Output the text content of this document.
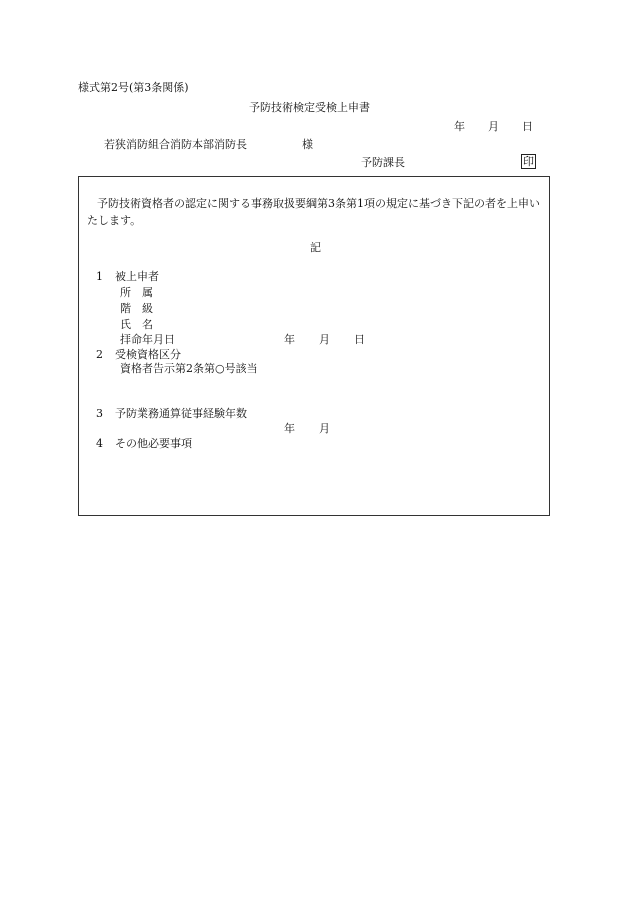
様式第2号(第3条関係)
予防技術検定受検上申書
年 月 日
若狭消防組合消防本部消防長	様
予防課長	印
予防技術資格者の認定に関する事務取扱要綱第3条第1項の規定に基づき下記の者を上申いたします。
記
1 被上申者
所　属
階　級
氏　名
拝命年月日	年 月 日
2 受検資格区分
資格者告示第2条第○号該当
3 予防業務通算従事経験年数
年 月
4 その他必要事項
